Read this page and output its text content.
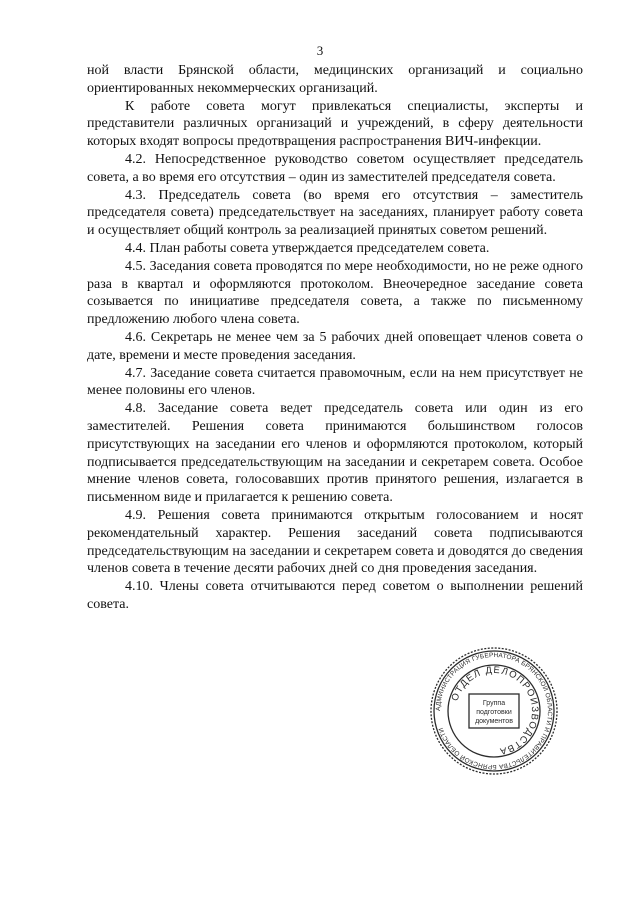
3

ной власти Брянской области, медицинских организаций и социально ориентированных некоммерческих организаций.

К работе совета могут привлекаться специалисты, эксперты и представители различных организаций и учреждений, в сферу деятельности которых входят вопросы предотвращения распространения ВИЧ-инфекции.

4.2. Непосредственное руководство советом осуществляет председатель совета, а во время его отсутствия – один из заместителей председателя совета.

4.3. Председатель совета (во время его отсутствия – заместитель председателя совета) председательствует на заседаниях, планирует работу совета и осуществляет общий контроль за реализацией принятых советом решений.

4.4. План работы совета утверждается председателем совета.

4.5. Заседания совета проводятся по мере необходимости, но не реже одного раза в квартал и оформляются протоколом. Внеочередное заседание совета созывается по инициативе председателя совета, а также по письменному предложению любого члена совета.

4.6. Секретарь не менее чем за 5 рабочих дней оповещает членов совета о дате, времени и месте проведения заседания.

4.7. Заседание совета считается правомочным, если на нем присутствует не менее половины его членов.

4.8. Заседание совета ведет председатель совета или один из его заместителей. Решения совета принимаются большинством голосов присутствующих на заседании его членов и оформляются протоколом, который подписывается председательствующим на заседании и секретарем совета. Особое мнение членов совета, голосовавших против принятого решения, излагается в письменном виде и прилагается к решению совета.

4.9. Решения совета принимаются открытым голосованием и носят рекомендательный характер. Решения заседаний совета подписываются председательствующим на заседании и секретарем совета и доводятся до сведения членов совета в течение десяти рабочих дней со дня проведения заседания.

4.10. Члены совета отчитываются перед советом о выполнении решений совета.

АДМИНИСТРАЦИЯ ГУБЕРНАТОРА БРЯНСКОЙ ОБЛАСТИ И ПРАВИТЕЛЬСТВА БРЯНСКОЙ ОБЛАСТИ
ОТДЕЛ ДЕЛОПРОИЗВОДСТВА
Группа
подготовки
документов
